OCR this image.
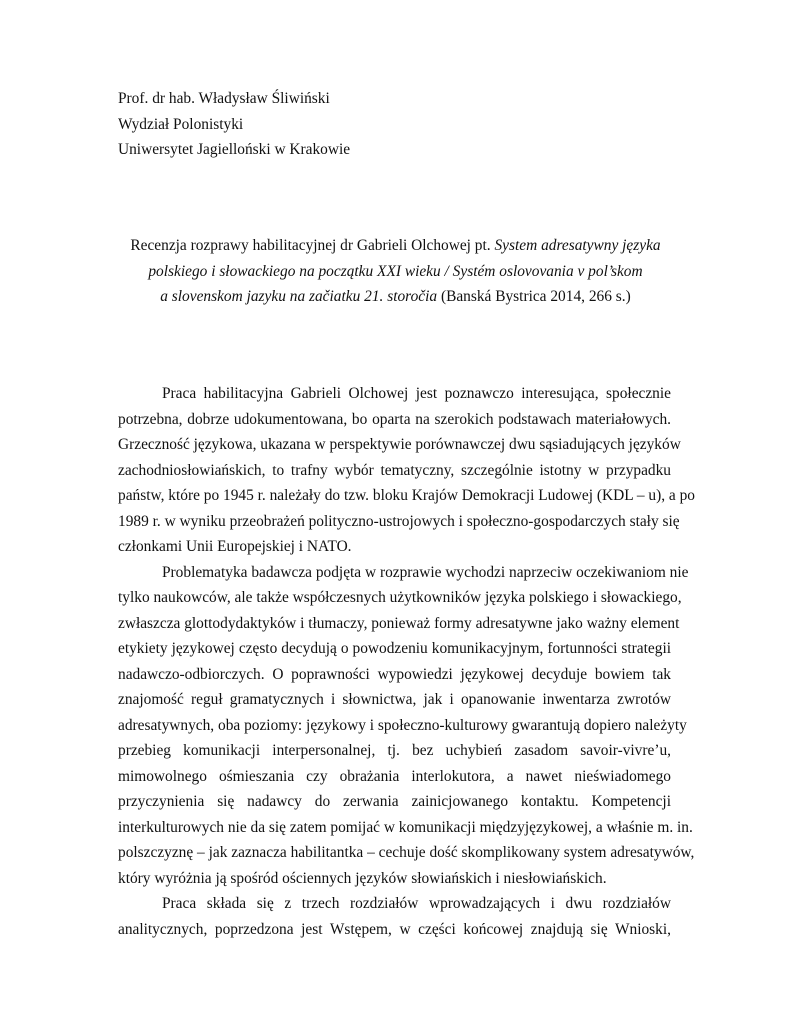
Prof. dr hab. Władysław Śliwiński
Wydział Polonistyki
Uniwersytet Jagielloński w Krakowie
Recenzja rozprawy habilitacyjnej dr Gabrieli Olchowej pt. System adresatywny języka
polskiego i słowackiego na początku XXI wieku / Systém oslovovania v pol’skom
a slovenskom jazyku na začiatku 21. storočia (Banská Bystrica 2014, 266 s.)
Praca habilitacyjna Gabrieli Olchowej jest poznawczo interesująca, społecznie
potrzebna, dobrze udokumentowana, bo oparta na szerokich podstawach materiałowych.
Grzeczność językowa, ukazana w perspektywie porównawczej dwu sąsiadujących języków
zachodniosłowiańskich, to trafny wybór tematyczny, szczególnie istotny w przypadku
państw, które po 1945 r. należały do tzw. bloku Krajów Demokracji Ludowej (KDL – u), a po
1989 r. w wyniku przeobrażeń polityczno-ustrojowych i społeczno-gospodarczych stały się
członkami Unii Europejskiej i NATO.
Problematyka badawcza podjęta w rozprawie wychodzi naprzeciw oczekiwaniom nie
tylko naukowców, ale także współczesnych użytkowników języka polskiego i słowackiego,
zwłaszcza glottodydaktyków i tłumaczy, ponieważ formy adresatywne jako ważny element
etykiety językowej często decydują o powodzeniu komunikacyjnym, fortunności strategii
nadawczo-odbiorczych. O poprawności wypowiedzi językowej decyduje bowiem tak
znajomość reguł gramatycznych i słownictwa, jak i opanowanie inwentarza zwrotów
adresatywnych, oba poziomy: językowy i społeczno-kulturowy gwarantują dopiero należyty
przebieg komunikacji interpersonalnej, tj. bez uchybień zasadom savoir-vivre’u,
mimowolnego ośmieszania czy obrażania interlokutora, a nawet nieświadomego
przyczynienia się nadawcy do zerwania zainicjowanego kontaktu. Kompetencji
interkulturowych nie da się zatem pomijać w komunikacji międzyjęzykowej, a właśnie m. in.
polszczyznę – jak zaznacza habilitantka – cechuje dość skomplikowany system adresatywów,
który wyróżnia ją spośród ościennych języków słowiańskich i niesłowiańskich.
Praca składa się z trzech rozdziałów wprowadzających i dwu rozdziałów
analitycznych, poprzedzona jest Wstępem, w części końcowej znajdują się Wnioski,
